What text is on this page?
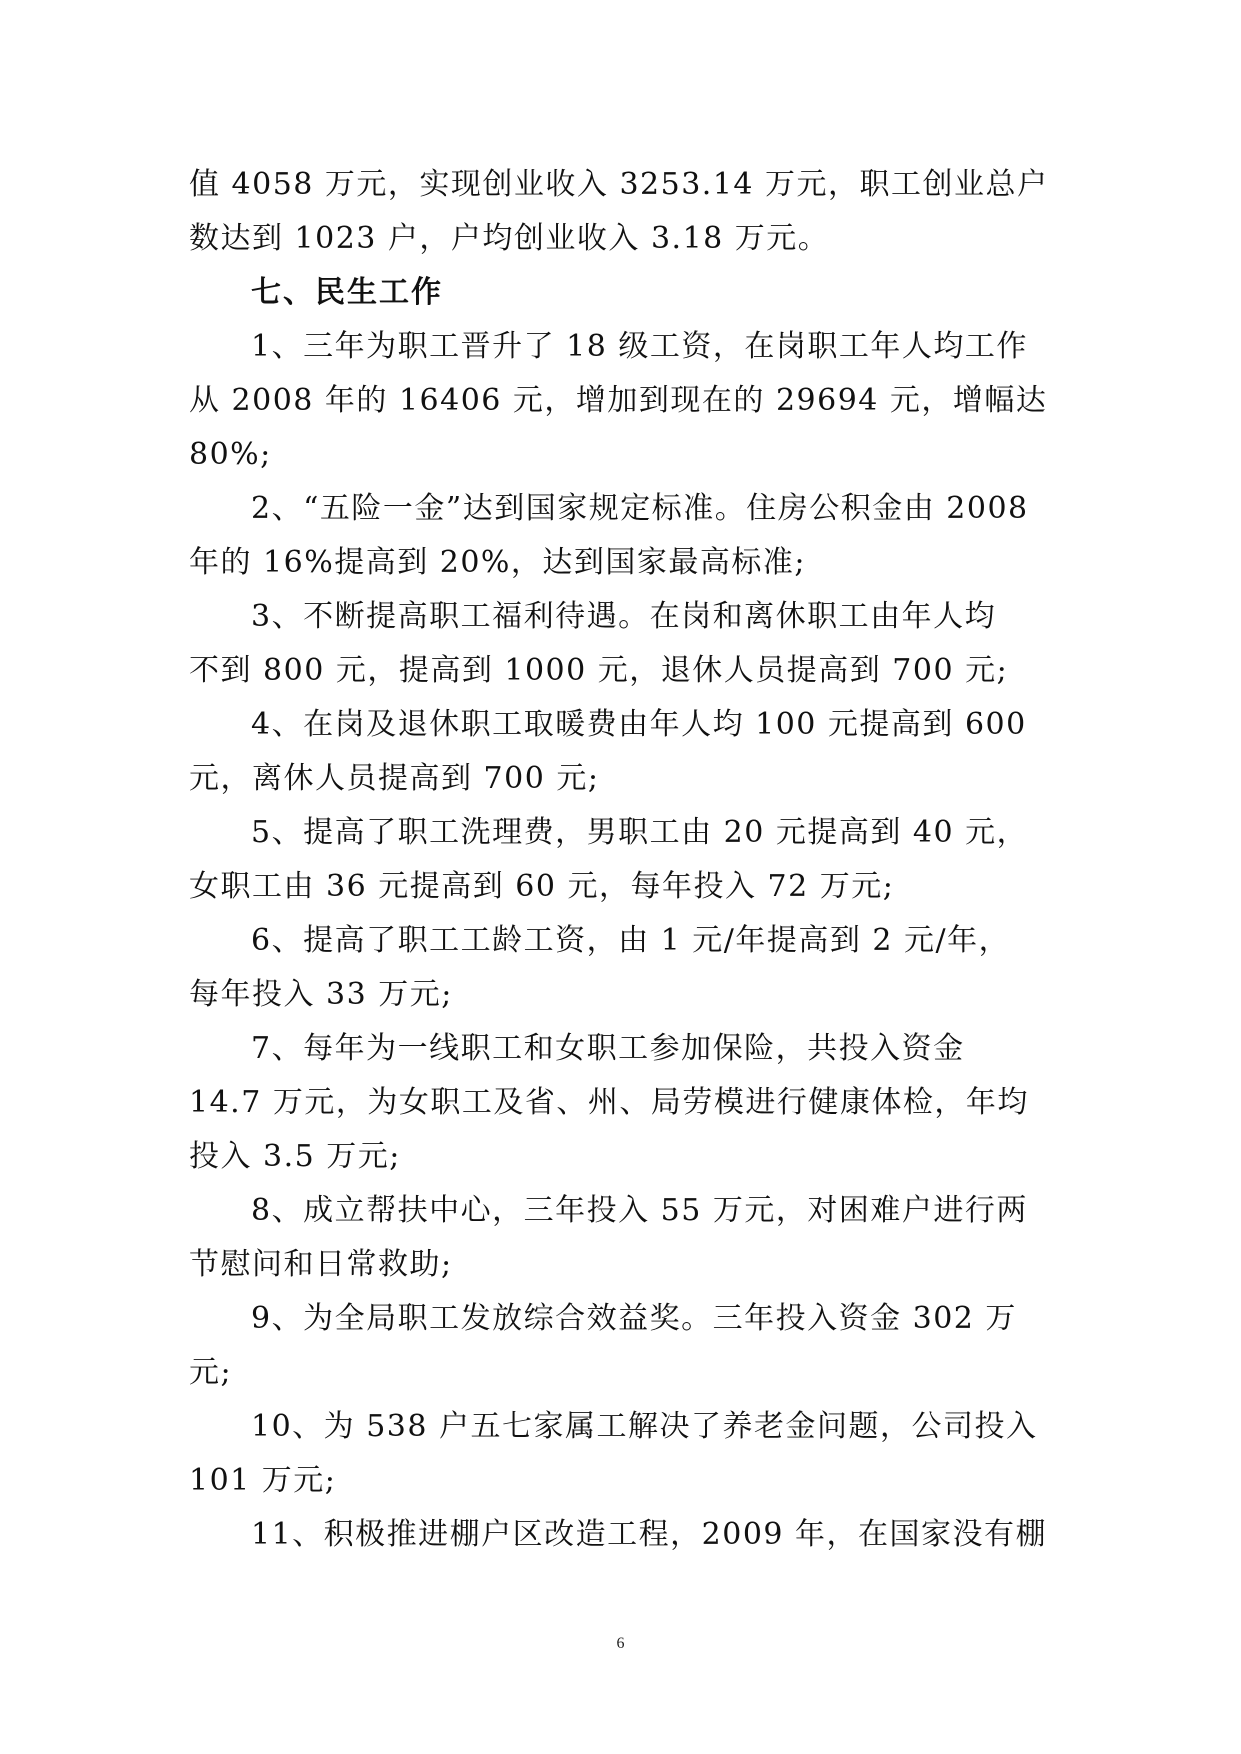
值 4058 万元，实现创业收入 3253.14 万元，职工创业总户
数达到 1023 户，户均创业收入 3.18 万元。
七、民生工作
1、三年为职工晋升了 18 级工资，在岗职工年人均工作
从 2008 年的 16406 元，增加到现在的 29694 元，增幅达
80%;
2、“五险一金”达到国家规定标准。住房公积金由 2008
年的 16%提高到 20%，达到国家最高标准;
3、不断提高职工福利待遇。在岗和离休职工由年人均
不到 800 元，提高到 1000 元，退休人员提高到 700 元;
4、在岗及退休职工取暖费由年人均 100 元提高到 600
元，离休人员提高到 700 元;
5、提高了职工洗理费，男职工由 20 元提高到 40 元，
女职工由 36 元提高到 60 元，每年投入 72 万元;
6、提高了职工工龄工资，由 1 元/年提高到 2 元/年，
每年投入 33 万元;
7、每年为一线职工和女职工参加保险，共投入资金
14.7 万元，为女职工及省、州、局劳模进行健康体检，年均
投入 3.5 万元;
8、成立帮扶中心，三年投入 55 万元，对困难户进行两
节慰问和日常救助;
9、为全局职工发放综合效益奖。三年投入资金 302 万
元;
10、为 538 户五七家属工解决了养老金问题，公司投入
101 万元;
11、积极推进棚户区改造工程，2009 年，在国家没有棚
6
